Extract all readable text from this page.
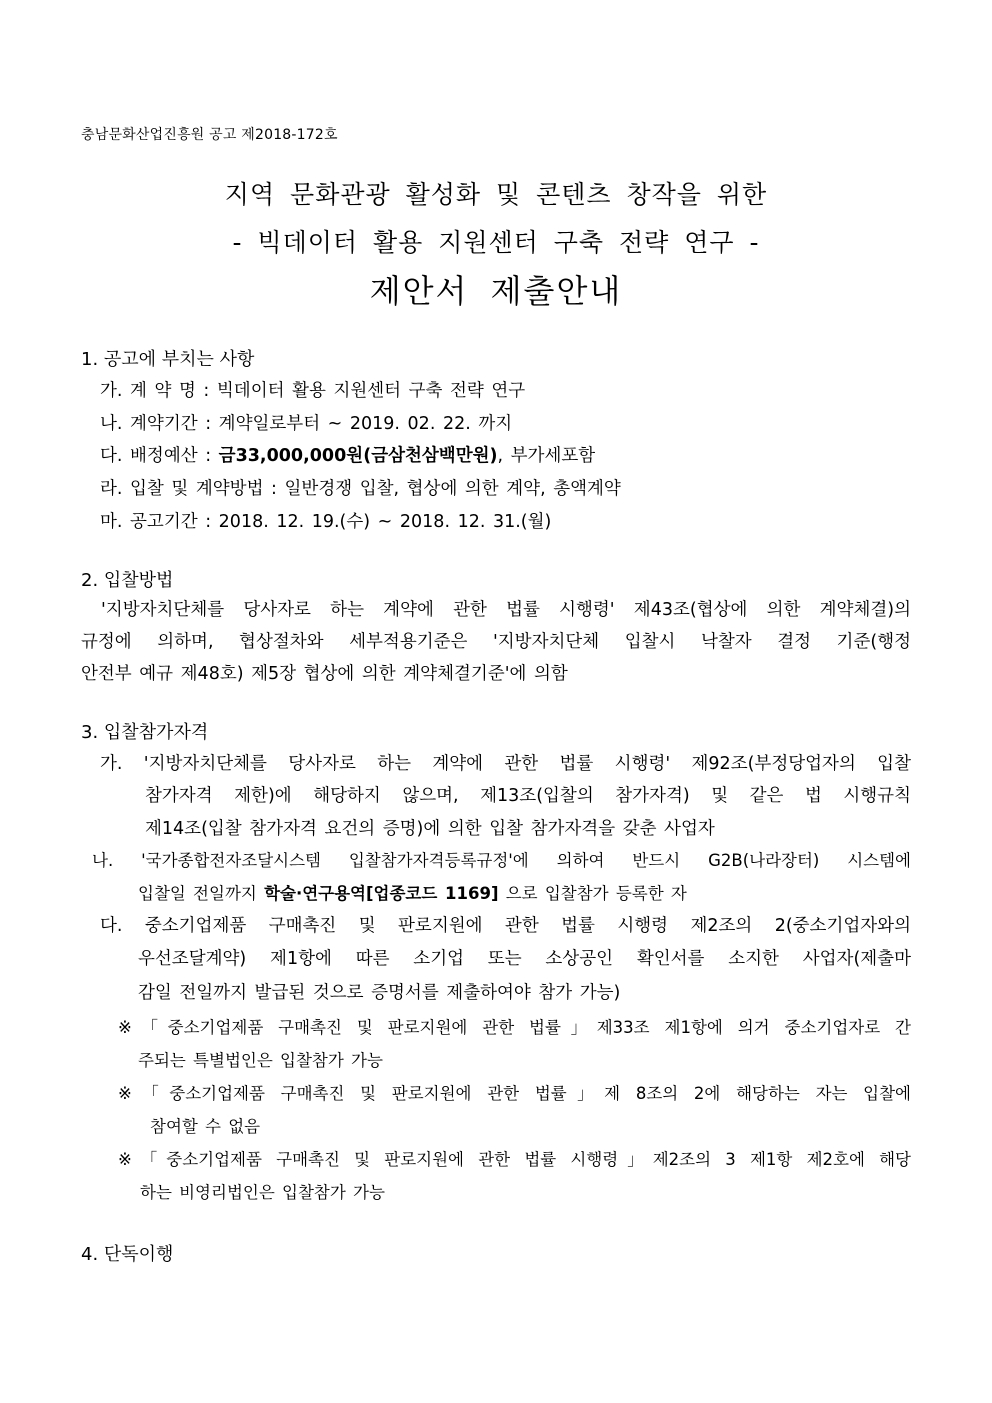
충남문화산업진흥원 공고 제2018-172호
지역 문화관광 활성화 및 콘텐츠 창작을 위한
- 빅데이터 활용 지원센터 구축 전략 연구 -
제안서 제출안내
1. 공고에 부치는 사항
가. 계 약 명 : 빅데이터 활용 지원센터 구축 전략 연구
나. 계약기간 : 계약일로부터 ~ 2019. 02. 22. 까지
다. 배정예산 : 금33,000,000원(금삼천삼백만원), 부가세포함
라. 입찰 및 계약방법 : 일반경쟁 입찰, 협상에 의한 계약, 총액계약
마. 공고기간 : 2018. 12. 19.(수) ~ 2018. 12. 31.(월)
2. 입찰방법
'지방자치단체를 당사자로 하는 계약에 관한 법률 시행령' 제43조(협상에 의한 계약체결)의
규정에 의하며, 협상절차와 세부적용기준은 '지방자치단체 입찰시 낙찰자 결정 기준(행정
안전부 예규 제48호) 제5장 협상에 의한 계약체결기준'에 의함
3. 입찰참가자격
가. '지방자치단체를 당사자로 하는 계약에 관한 법률 시행령' 제92조(부정당업자의 입찰
참가자격 제한)에 해당하지 않으며, 제13조(입찰의 참가자격) 및 같은 법 시행규칙
제14조(입찰 참가자격 요건의 증명)에 의한 입찰 참가자격을 갖춘 사업자
나. '국가종합전자조달시스템 입찰참가자격등록규정'에 의하여 반드시 G2B(나라장터) 시스템에
입찰일 전일까지 학술·연구용역[업종코드 1169] 으로 입찰참가 등록한 자
다. 중소기업제품 구매촉진 및 판로지원에 관한 법률 시행령 제2조의 2(중소기업자와의
우선조달계약) 제1항에 따른 소기업 또는 소상공인 확인서를 소지한 사업자(제출마
감일 전일까지 발급된 것으로 증명서를 제출하여야 참가 가능)
※「중소기업제품 구매촉진 및 판로지원에 관한 법률」제33조 제1항에 의거 중소기업자로 간
주되는 특별법인은 입찰참가 가능
※「중소기업제품 구매촉진 및 판로지원에 관한 법률」제 8조의 2에 해당하는 자는 입찰에
참여할 수 없음
※「중소기업제품 구매촉진 및 판로지원에 관한 법률 시행령」제2조의 3 제1항 제2호에 해당
하는 비영리법인은 입찰참가 가능
4. 단독이행
